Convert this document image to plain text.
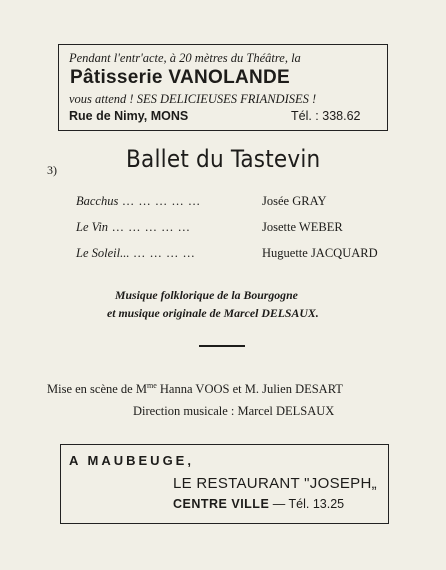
Pendant l'entr'acte, à 20 mètres du Théâtre, la
Pâtisserie VANOLANDE
vous attend ! SES DELICIEUSES FRIANDISES !
Rue de Nimy, MONS	Tél. : 338.62
3)	Ballet du Tastevin
Bacchus ... ... ... ... ...	Josée GRAY
Le Vin ... ... ... ... ...	Josette WEBER
Le Soleil... ... ... ... ...	Huguette JACQUARD
Musique folklorique de la Bourgogne
et musique originale de Marcel DELSAUX.
Mise en scène de $M^{me}$ Hanna VOOS et M. Julien DESART
Direction musicale : Marcel DELSAUX
A MAUBEUGE,
LE RESTAURANT "JOSEPH„
CENTRE VILLE — Tél. 13.25
